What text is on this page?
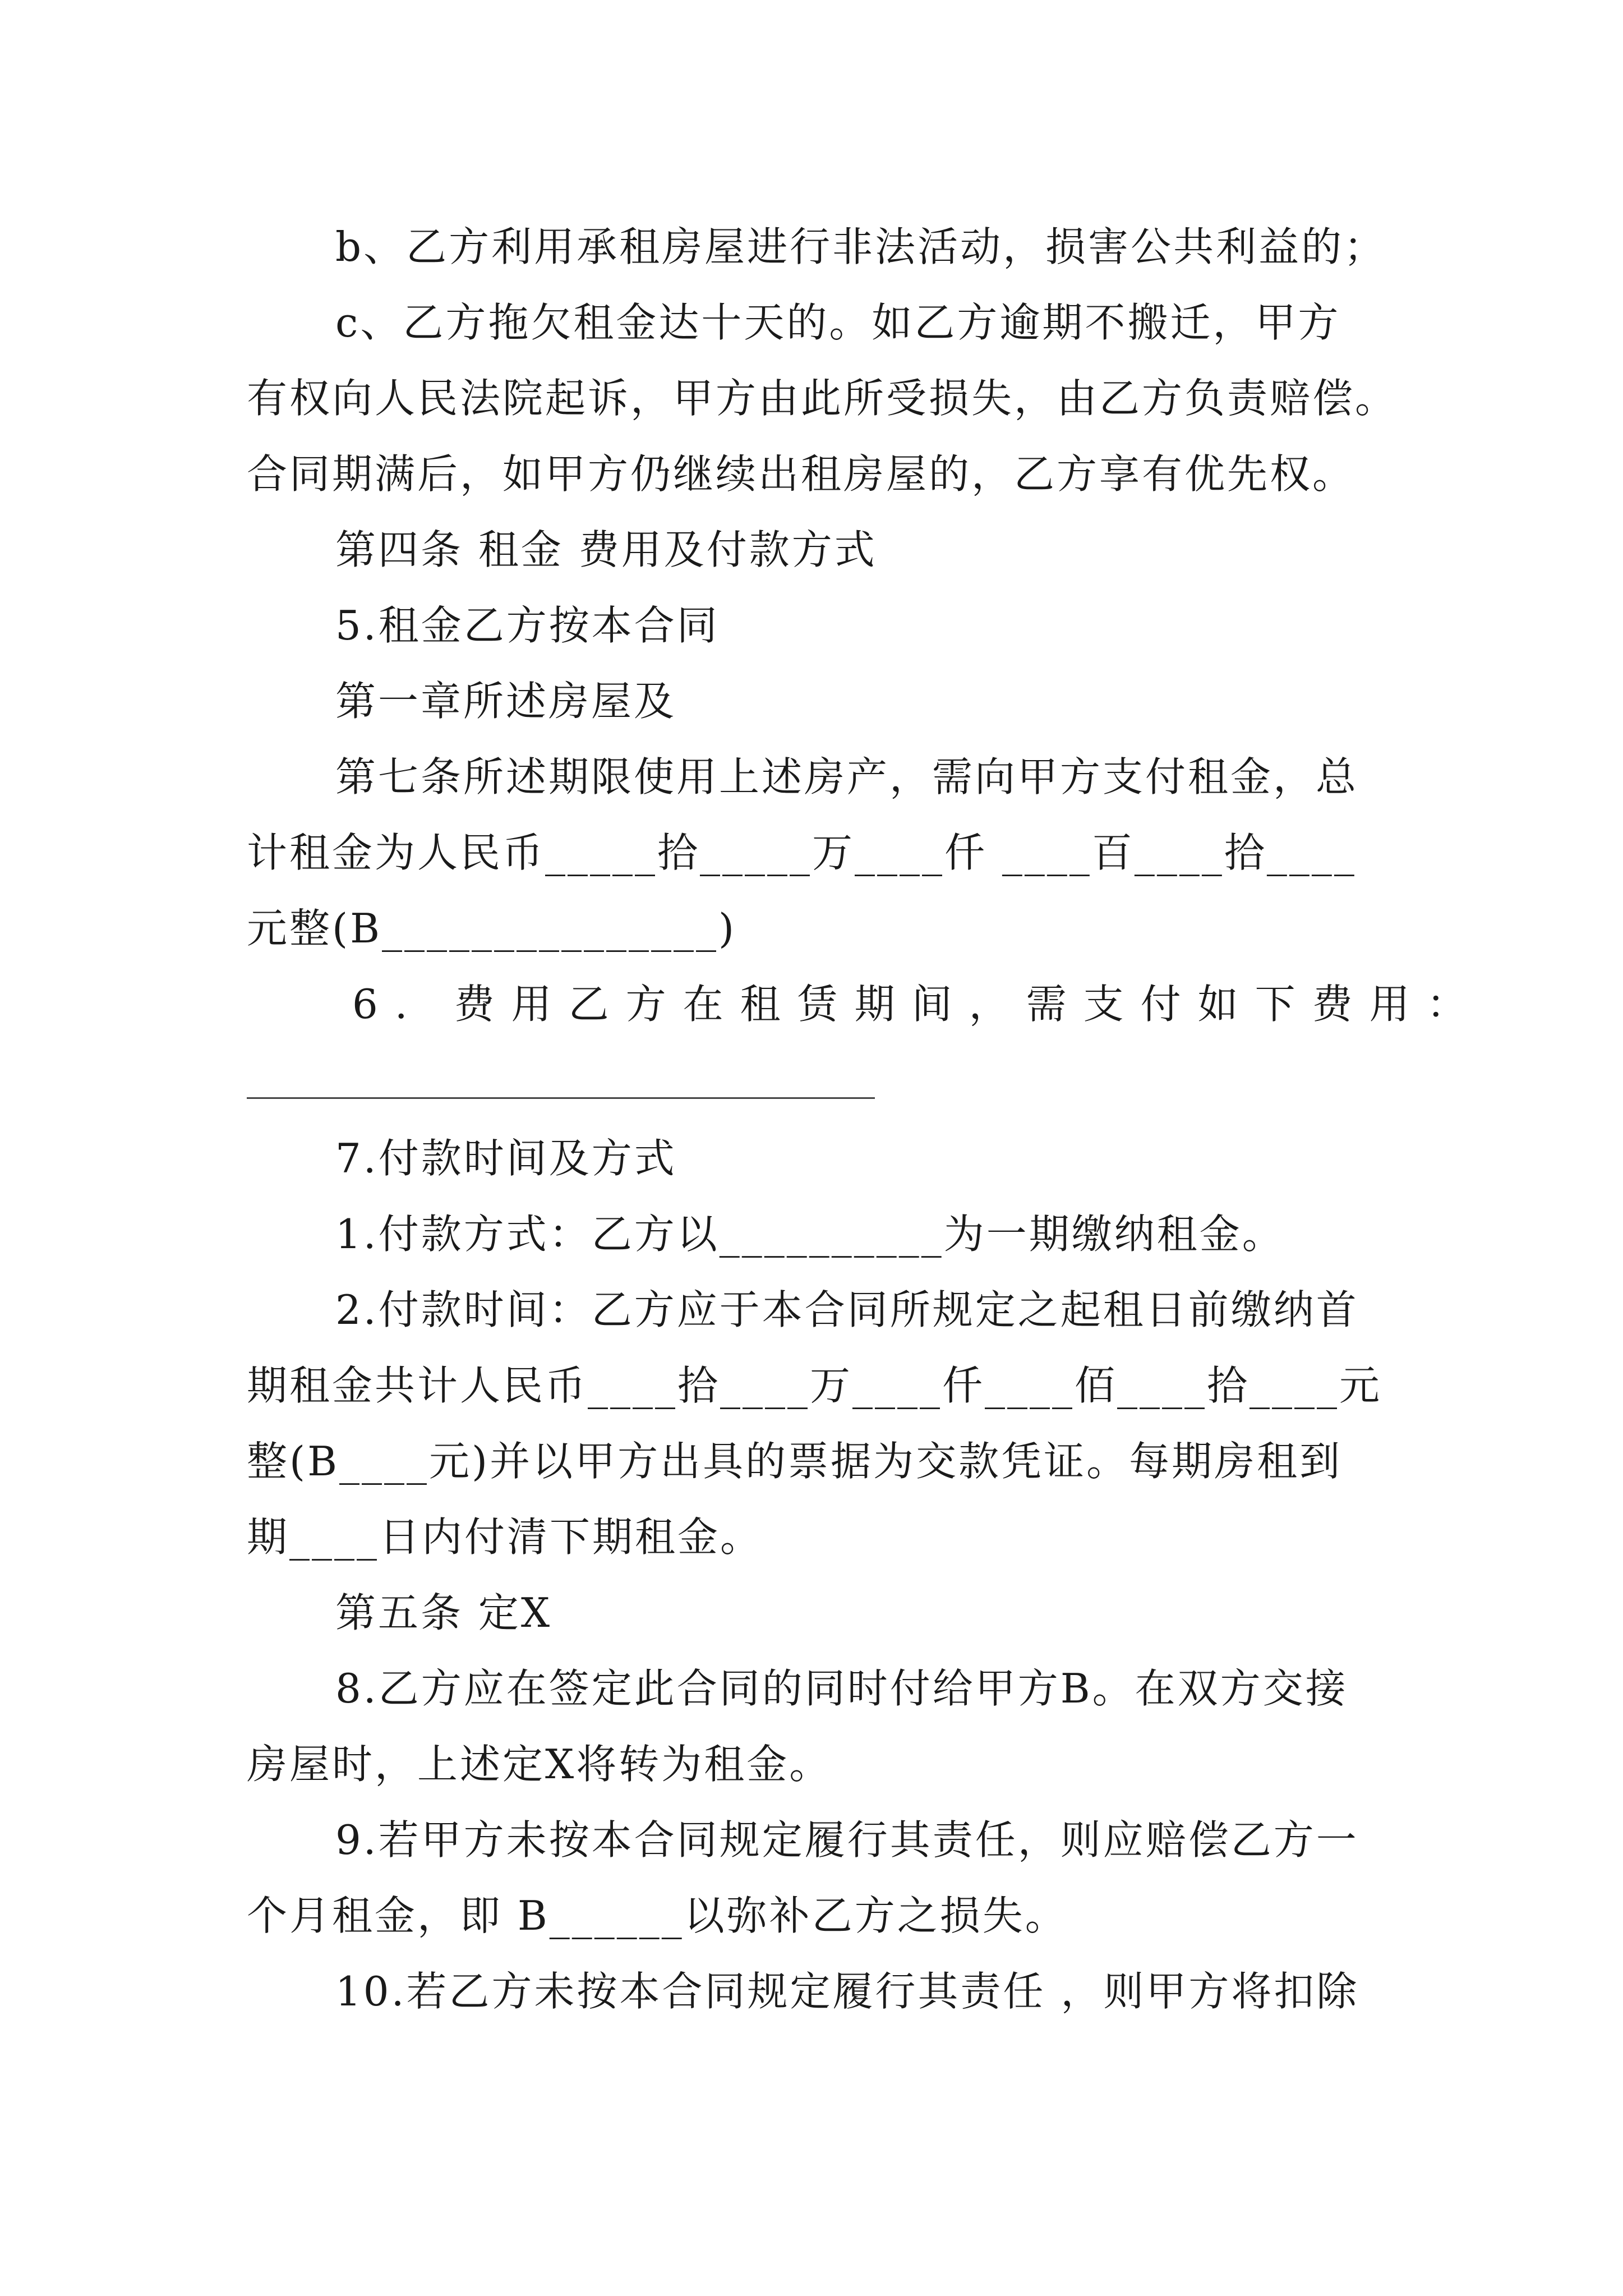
b、乙方利用承租房屋进行非法活动，损害公共利益的；
c、乙方拖欠租金达十天的。如乙方逾期不搬迁，甲方
有权向人民法院起诉，甲方由此所受损失，由乙方负责赔偿。
合同期满后，如甲方仍继续出租房屋的，乙方享有优先权。
第四条 租金 费用及付款方式
5.租金乙方按本合同
第一章所述房屋及
第七条所述期限使用上述房产，需向甲方支付租金，总
计租金为人民币_____拾_____万____仟 ____百____拾____
元整(B_______________)
6. 费用乙方在租赁期间，需支付如下费用：
7.付款时间及方式
1.付款方式：乙方以__________为一期缴纳租金。
2.付款时间：乙方应于本合同所规定之起租日前缴纳首
期租金共计人民币____拾____万____仟____佰____拾____元
整(B____元)并以甲方出具的票据为交款凭证。每期房租到
期____日内付清下期租金。
第五条 定X
8.乙方应在签定此合同的同时付给甲方B。在双方交接
房屋时，上述定X将转为租金。
9.若甲方未按本合同规定履行其责任，则应赔偿乙方一
个月租金，即 B______以弥补乙方之损失。
10.若乙方未按本合同规定履行其责任 ，则甲方将扣除
